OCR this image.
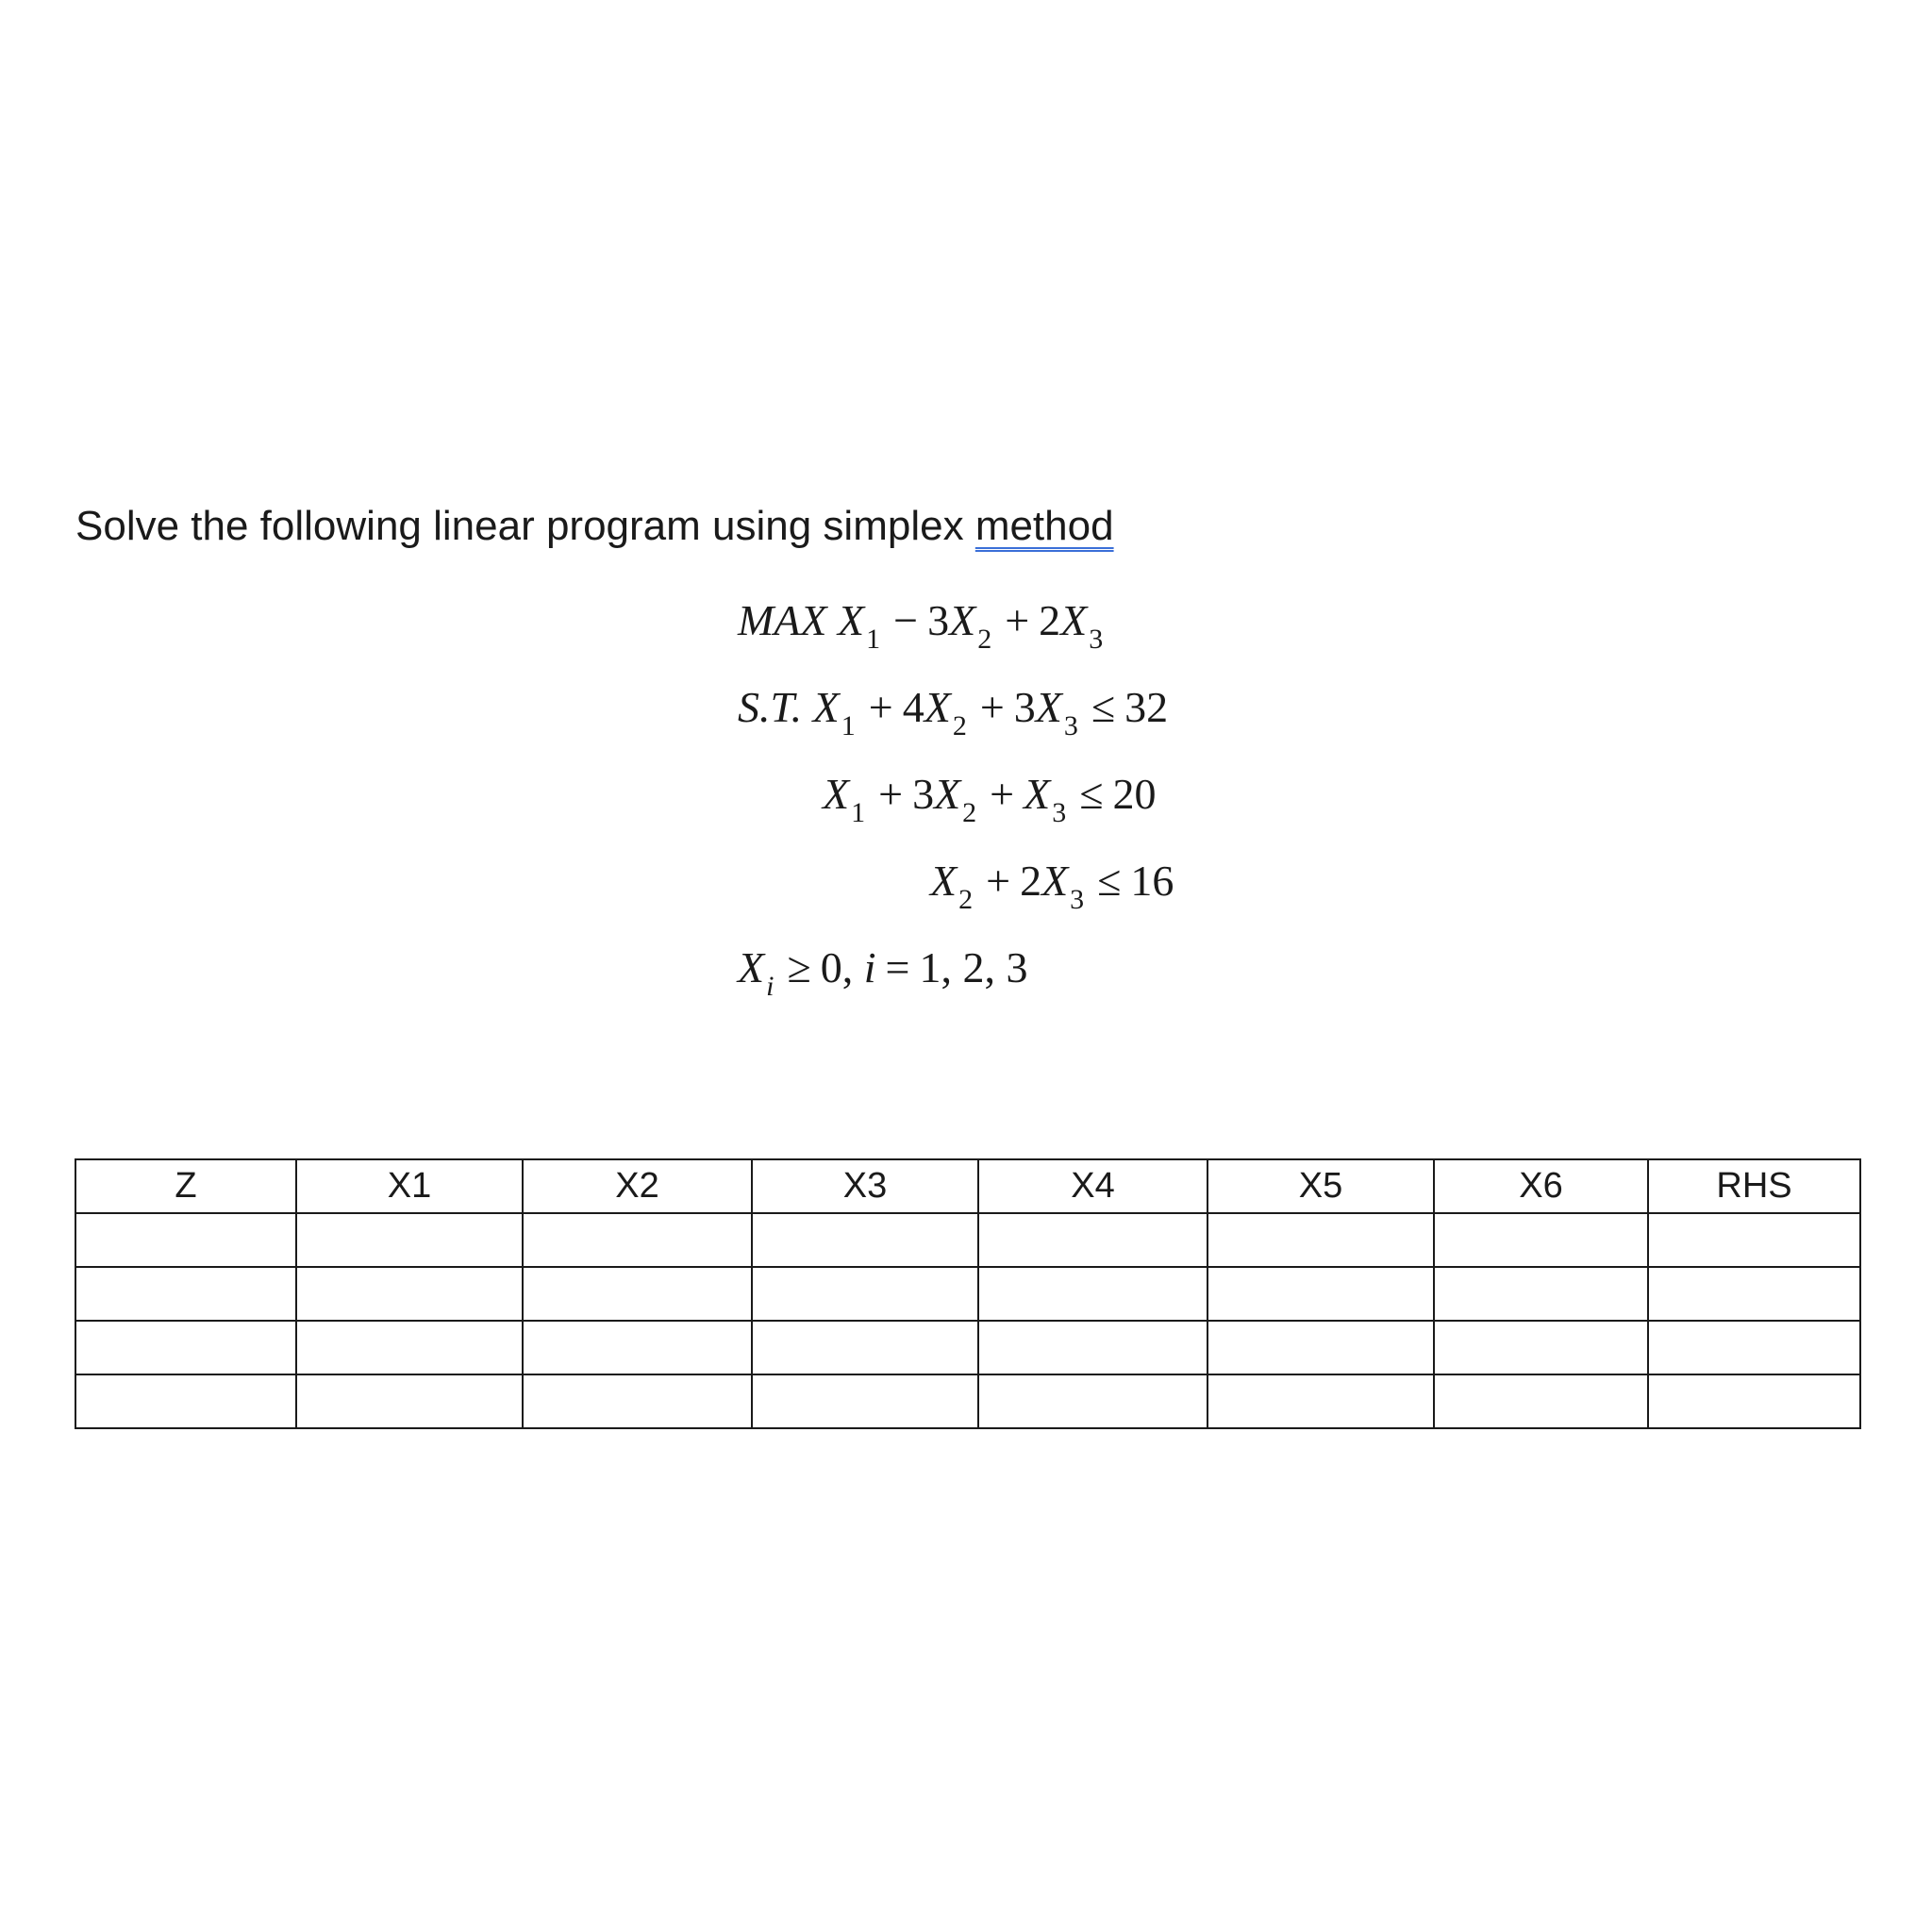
Solve the following linear program using simplex method
MAX $X_1 - 3X_2 + 2X_3$
S.T. $X_1 + 4X_2 + 3X_3 \le 32$
$X_1 + 3X_2 + X_3 \le 20$
$X_2 + 2X_3 \le 16$
$X_i \ge 0$, i = 1, 2, 3
Z	X1	X2	X3	X4	X5	X6	RHS
